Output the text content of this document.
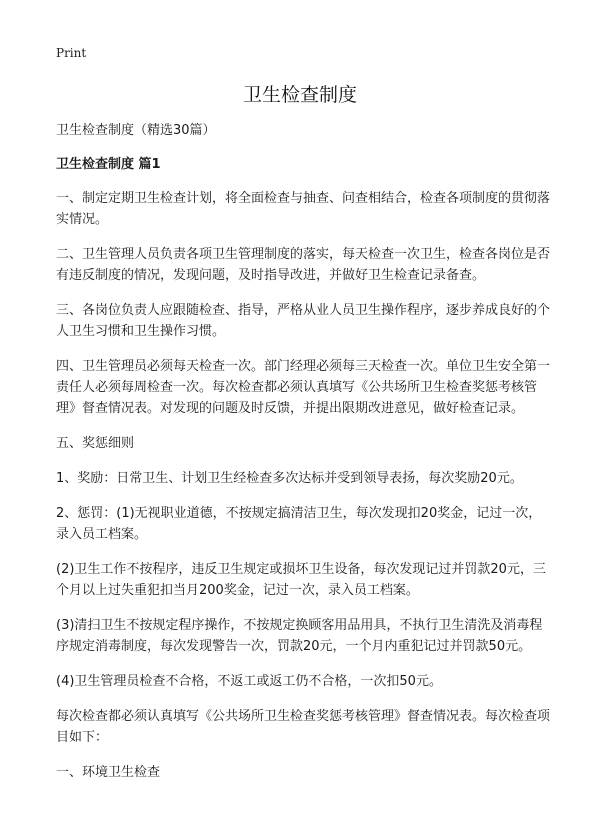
Print
卫生检查制度

卫生检查制度（精选30篇）

卫生检查制度 篇1

一、制定定期卫生检查计划，将全面检查与抽查、问查相结合，检查各项制度的贯彻落实情况。

二、卫生管理人员负责各项卫生管理制度的落实，每天检查一次卫生，检查各岗位是否有违反制度的情况，发现问题，及时指导改进，并做好卫生检查记录备查。

三、各岗位负责人应跟随检查、指导，严格从业人员卫生操作程序，逐步养成良好的个人卫生习惯和卫生操作习惯。

四、卫生管理员必须每天检查一次。部门经理必须每三天检查一次。单位卫生安全第一责任人必须每周检查一次。每次检查都必须认真填写《公共场所卫生检查奖惩考核管理》督查情况表。对发现的问题及时反馈，并提出限期改进意见，做好检查记录。

五、奖惩细则

1、奖励：日常卫生、计划卫生经检查多次达标并受到领导表扬，每次奖励20元。

2、惩罚：(1)无视职业道德，不按规定搞清洁卫生，每次发现扣20奖金，记过一次，录入员工档案。

(2)卫生工作不按程序，违反卫生规定或损坏卫生设备，每次发现记过并罚款20元，三个月以上过失重犯扣当月200奖金，记过一次，录入员工档案。

(3)清扫卫生不按规定程序操作，不按规定换顾客用品用具，不执行卫生清洗及消毒程序规定消毒制度，每次发现警告一次，罚款20元，一个月内重犯记过并罚款50元。

(4)卫生管理员检查不合格，不返工或返工仍不合格，一次扣50元。

每次检查都必须认真填写《公共场所卫生检查奖惩考核管理》督查情况表。每次检查项目如下：

一、环境卫生检查
